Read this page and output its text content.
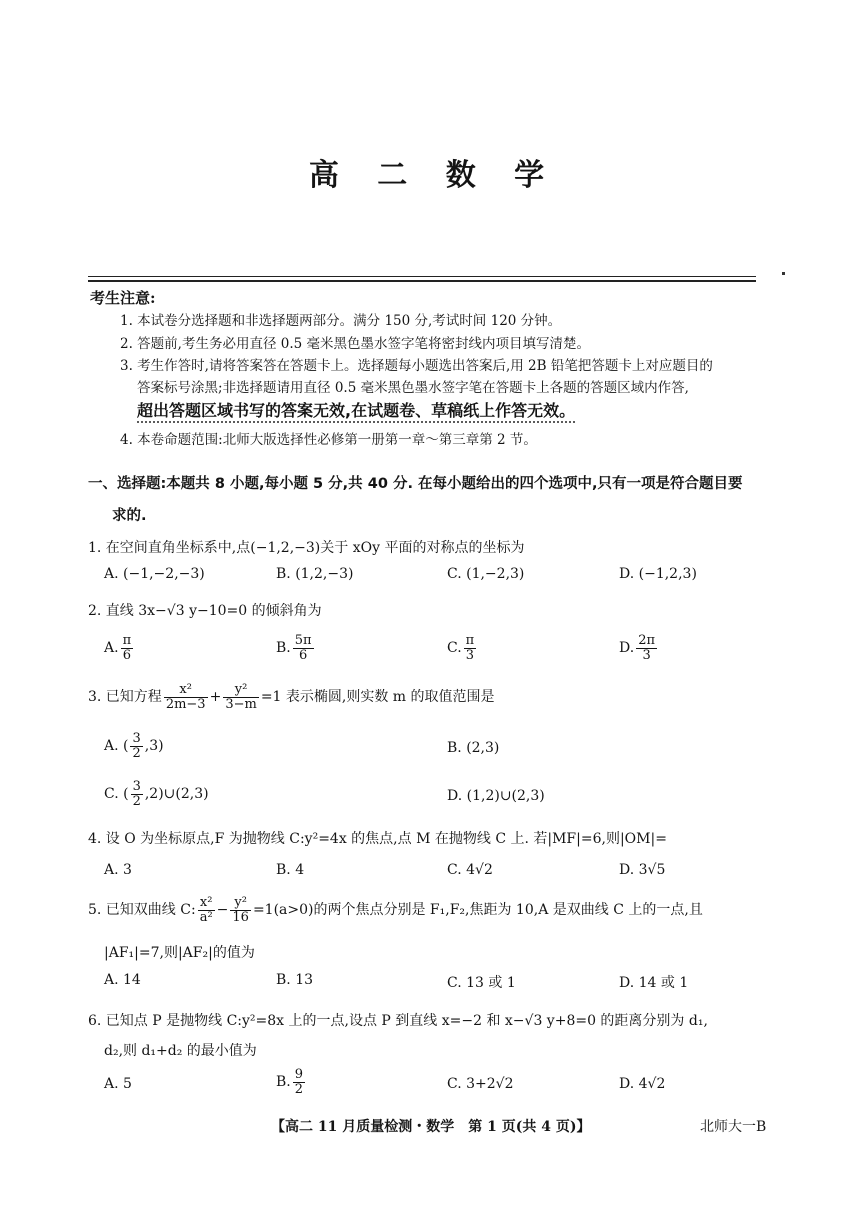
高 二 数 学
考生注意:
1. 本试卷分选择题和非选择题两部分。满分 150 分,考试时间 120 分钟。
2. 答题前,考生务必用直径 0.5 毫米黑色墨水签字笔将密封线内项目填写清楚。
3. 考生作答时,请将答案答在答题卡上。选择题每小题选出答案后,用 2B 铅笔把答题卡上对应题目的
答案标号涂黑;非选择题请用直径 0.5 毫米黑色墨水签字笔在答题卡上各题的答题区域内作答,
超出答题区域书写的答案无效,在试题卷、草稿纸上作答无效。
4. 本卷命题范围:北师大版选择性必修第一册第一章～第三章第 2 节。
一、选择题:本题共 8 小题,每小题 5 分,共 40 分. 在每小题给出的四个选项中,只有一项是符合题目要
求的.
1. 在空间直角坐标系中,点(−1,2,−3)关于 xOy 平面的对称点的坐标为
A. (−1,−2,−3)	B. (1,2,−3)	C. (1,−2,3)	D. (−1,2,3)
2. 直线 3x−√3 y−10=0 的倾斜角为
A. $\frac{\pi}{6}$	B. $\frac{5\pi}{6}$	C. $\frac{\pi}{3}$	D. $\frac{2\pi}{3}$
3. 已知方程 $\frac{\text{x²}}{2m-3} + \frac{\text{y²}}{3-m} =1$ 表示椭圆,则实数 m 的取值范围是
A. ( $\frac{3}{2} ,3$)	B. (2,3)
C. ( $\frac{3}{2}$ ,2)∪(2,3)	D. (1,2)∪(2,3)
4. 设 O 为坐标原点,F 为抛物线 C:y²=4x 的焦点,点 M 在抛物线 C 上. 若|MF|=6,则|OM|=
A. 3	B. 4	C. 4√2	D. 3√5
5. 已知双曲线 C: $\frac{\text{x²}}{\text{a²}} - \frac{\text{y²}}{16} =1(a>0)$的两个焦点分别是 F₁,F₂,焦距为 10,A 是双曲线 C 上的一点,且
|AF₁|=7,则|AF₂|的值为
A. 14	B. 13	C. 13 或 1	D. 14 或 1
6. 已知点 P 是抛物线 C:y²=8x 上的一点,设点 P 到直线 x=−2 和 x−√3 y+8=0 的距离分别为 d₁,
d₂,则 d₁+d₂ 的最小值为
A. 5	B. $\frac{9}{2}$	C. 3+2√2	D. 4√2
【高二 11 月质量检测・数学　第 1 页(共 4 页)】	北师大一B
